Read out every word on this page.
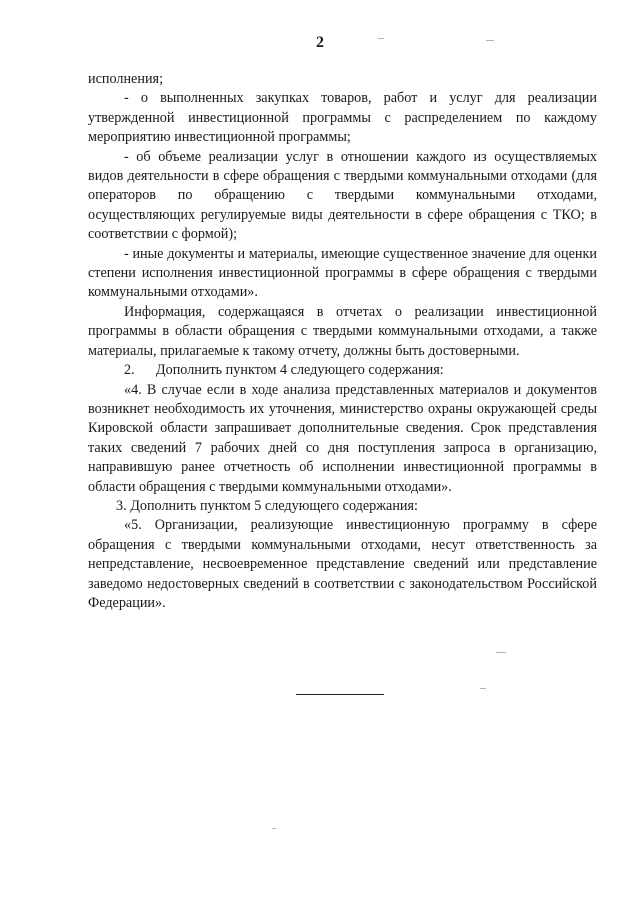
2

исполнения;

- о выполненных закупках товаров, работ и услуг для реализации утвержденной инвестиционной программы с распределением по каждому мероприятию инвестиционной программы;

- об объеме реализации услуг в отношении каждого из осуществляемых видов деятельности в сфере обращения с твердыми коммунальными отходами (для операторов по обращению с твердыми коммунальными отходами, осуществляющих регулируемые виды деятельности в сфере обращения с ТКО; в соответствии с формой);

- иные документы и материалы, имеющие существенное значение для оценки степени исполнения инвестиционной программы в сфере обращения с твердыми коммунальными отходами».

Информация, содержащаяся в отчетах о реализации инвестиционной программы в области обращения с твердыми коммунальными отходами, а также материалы, прилагаемые к такому отчету, должны быть достоверными.

2.      Дополнить пунктом 4 следующего содержания:

«4. В случае если в ходе анализа представленных материалов и документов возникнет необходимость их уточнения, министерство охраны окружающей среды Кировской области запрашивает дополнительные сведения. Срок представления таких сведений 7 рабочих дней со дня поступления запроса в организацию, направившую ранее отчетность об исполнении инвестиционной программы в области обращения с твердыми коммунальными отходами».

3. Дополнить пунктом 5 следующего содержания:

«5. Организации, реализующие инвестиционную программу в сфере обращения с твердыми коммунальными отходами, несут ответственность за непредставление, несвоевременное представление сведений или представление заведомо недостоверных сведений в соответствии с законодательством Российской Федерации».
